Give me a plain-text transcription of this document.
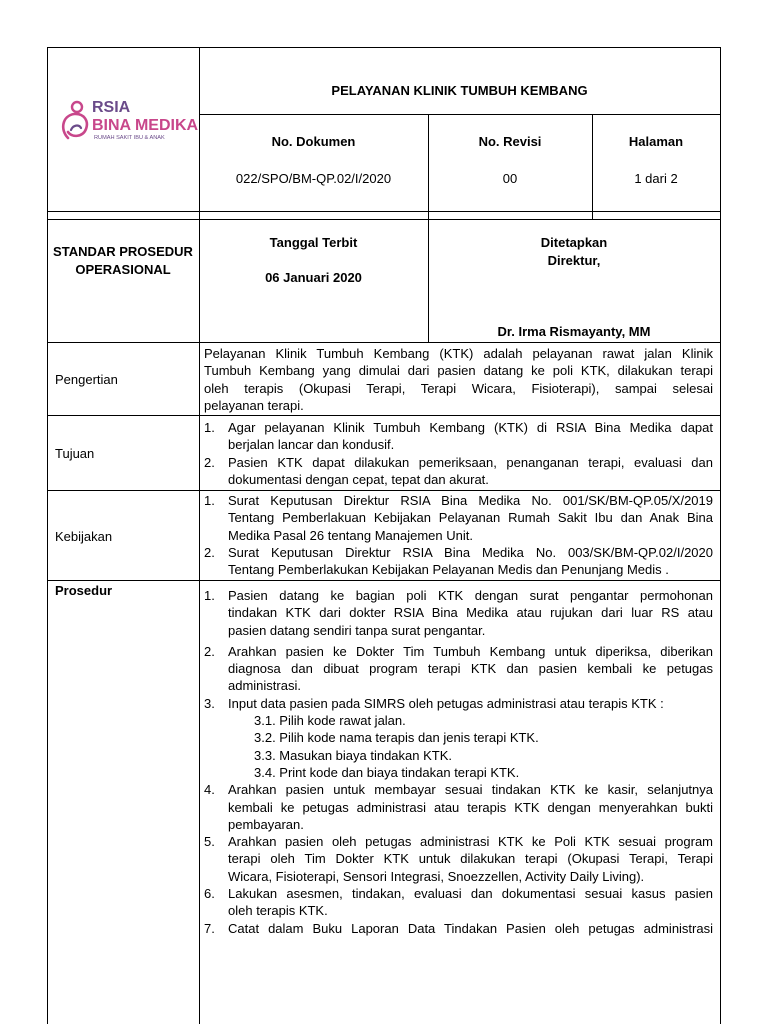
RSIA
BINA MEDIKA
RUMAH SAKIT IBU & ANAK
PELAYANAN KLINIK TUMBUH KEMBANG
No. Dokumen
022/SPO/BM-QP.02/I/2020
No. Revisi
00
Halaman
1 dari 2
STANDAR PROSEDUR
OPERASIONAL
Tanggal Terbit
06 Januari 2020
Ditetapkan
Direktur,
Dr. Irma Rismayanty, MM
Pengertian
Pelayanan Klinik Tumbuh Kembang (KTK) adalah pelayanan rawat jalan Klinik
Tumbuh Kembang yang dimulai dari pasien datang ke poli KTK, dilakukan terapi
oleh terapis (Okupasi Terapi, Terapi Wicara, Fisioterapi), sampai selesai
pelayanan terapi.
Tujuan
1. Agar pelayanan Klinik Tumbuh Kembang (KTK) di RSIA Bina Medika dapat
berjalan lancar dan kondusif.
2. Pasien KTK dapat dilakukan pemeriksaan, penanganan terapi, evaluasi dan
dokumentasi dengan cepat, tepat dan akurat.
Kebijakan
1. Surat Keputusan Direktur RSIA Bina Medika No. 001/SK/BM-QP.05/X/2019
Tentang Pemberlakuan Kebijakan Pelayanan Rumah Sakit Ibu dan Anak Bina
Medika Pasal 26 tentang Manajemen Unit.
2. Surat Keputusan Direktur RSIA Bina Medika No. 003/SK/BM-QP.02/I/2020
Tentang Pemberlakukan Kebijakan Pelayanan Medis dan Penunjang Medis .
Prosedur	1. Pasien datang ke bagian poli KTK dengan surat pengantar permohonan
tindakan KTK dari dokter RSIA Bina Medika atau rujukan dari luar RS atau
pasien datang sendiri tanpa surat pengantar.
2. Arahkan pasien ke Dokter Tim Tumbuh Kembang untuk diperiksa, diberikan
diagnosa dan dibuat program terapi KTK dan pasien kembali ke petugas
administrasi.
3. Input data pasien pada SIMRS oleh petugas administrasi atau terapis KTK :
3.1. Pilih kode rawat jalan.
3.2. Pilih kode nama terapis dan jenis terapi KTK.
3.3. Masukan biaya tindakan KTK.
3.4. Print kode dan biaya tindakan terapi KTK.
4. Arahkan pasien untuk membayar sesuai tindakan KTK ke kasir, selanjutnya
kembali ke petugas administrasi atau terapis KTK dengan menyerahkan bukti
pembayaran.
5. Arahkan pasien oleh petugas administrasi KTK ke Poli KTK sesuai program
terapi oleh Tim Dokter KTK untuk dilakukan terapi (Okupasi Terapi, Terapi
Wicara, Fisioterapi, Sensori Integrasi, Snoezzellen, Activity Daily Living).
6. Lakukan asesmen, tindakan, evaluasi dan dokumentasi sesuai kasus pasien
oleh terapis KTK.
7. Catat dalam Buku Laporan Data Tindakan Pasien oleh petugas administrasi
